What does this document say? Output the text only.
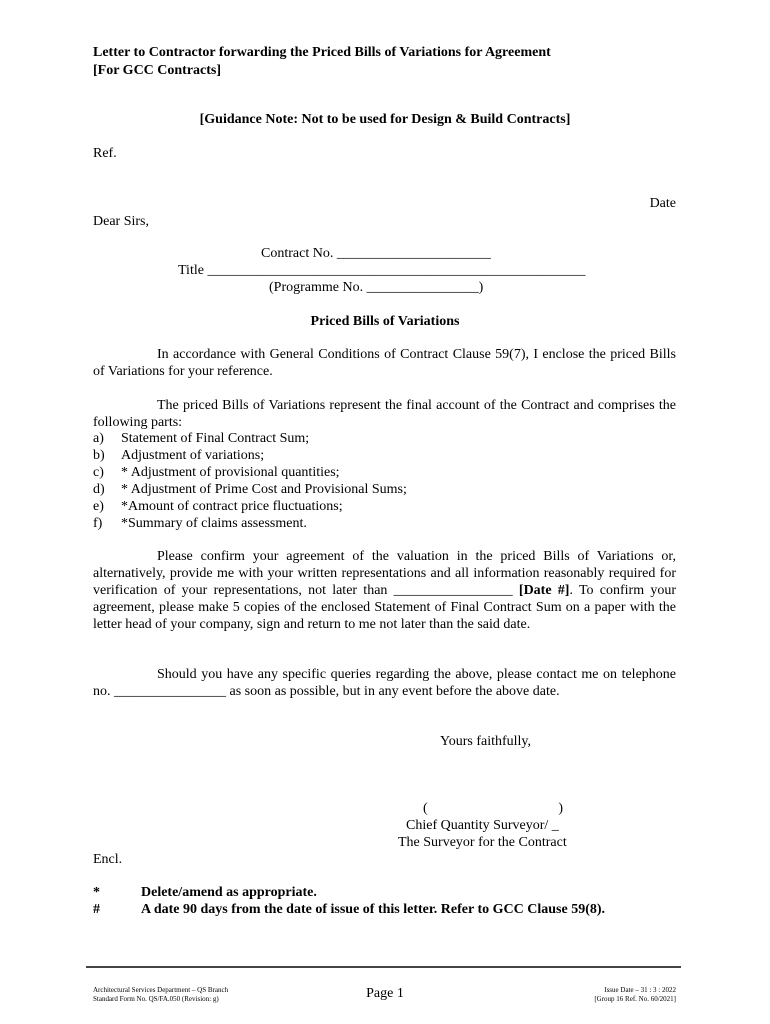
Letter to Contractor forwarding the Priced Bills of Variations for Agreement
[For GCC Contracts]
[Guidance Note: Not to be used for Design & Build Contracts]
Ref.
Date
Dear Sirs,
Contract No. ______________________
Title ______________________________________________________
(Programme No. ________________)
Priced Bills of Variations
In accordance with General Conditions of Contract Clause 59(7), I enclose the priced Bills of Variations for your reference.
The priced Bills of Variations represent the final account of the Contract and comprises the following parts:
a)	Statement of Final Contract Sum;
b)	Adjustment of variations;
c)	* Adjustment of provisional quantities;
d)	* Adjustment of Prime Cost and Provisional Sums;
e)	*Amount of contract price fluctuations;
f)	*Summary of claims assessment.
Please confirm your agreement of the valuation in the priced Bills of Variations or, alternatively, provide me with your written representations and all information reasonably required for verification of your representations, not later than _________________ [Date #]. To confirm your agreement, please make 5 copies of the enclosed Statement of Final Contract Sum on a paper with the letter head of your company, sign and return to me not later than the said date.
Should you have any specific queries regarding the above, please contact me on telephone no. ________________ as soon as possible, but in any event before the above date.
Yours faithfully,
(	)
Chief Quantity Surveyor/ _
The Surveyor for the Contract
Encl.
*	Delete/amend as appropriate.
#	A date 90 days from the date of issue of this letter. Refer to GCC Clause 59(8).
Architectural Services Department – QS Branch
Standard Form No. QS/FA.050 (Revision: g)	Page 1	Issue Date – 31 : 3 : 2022
[Group 16 Ref. No. 60/2021]
